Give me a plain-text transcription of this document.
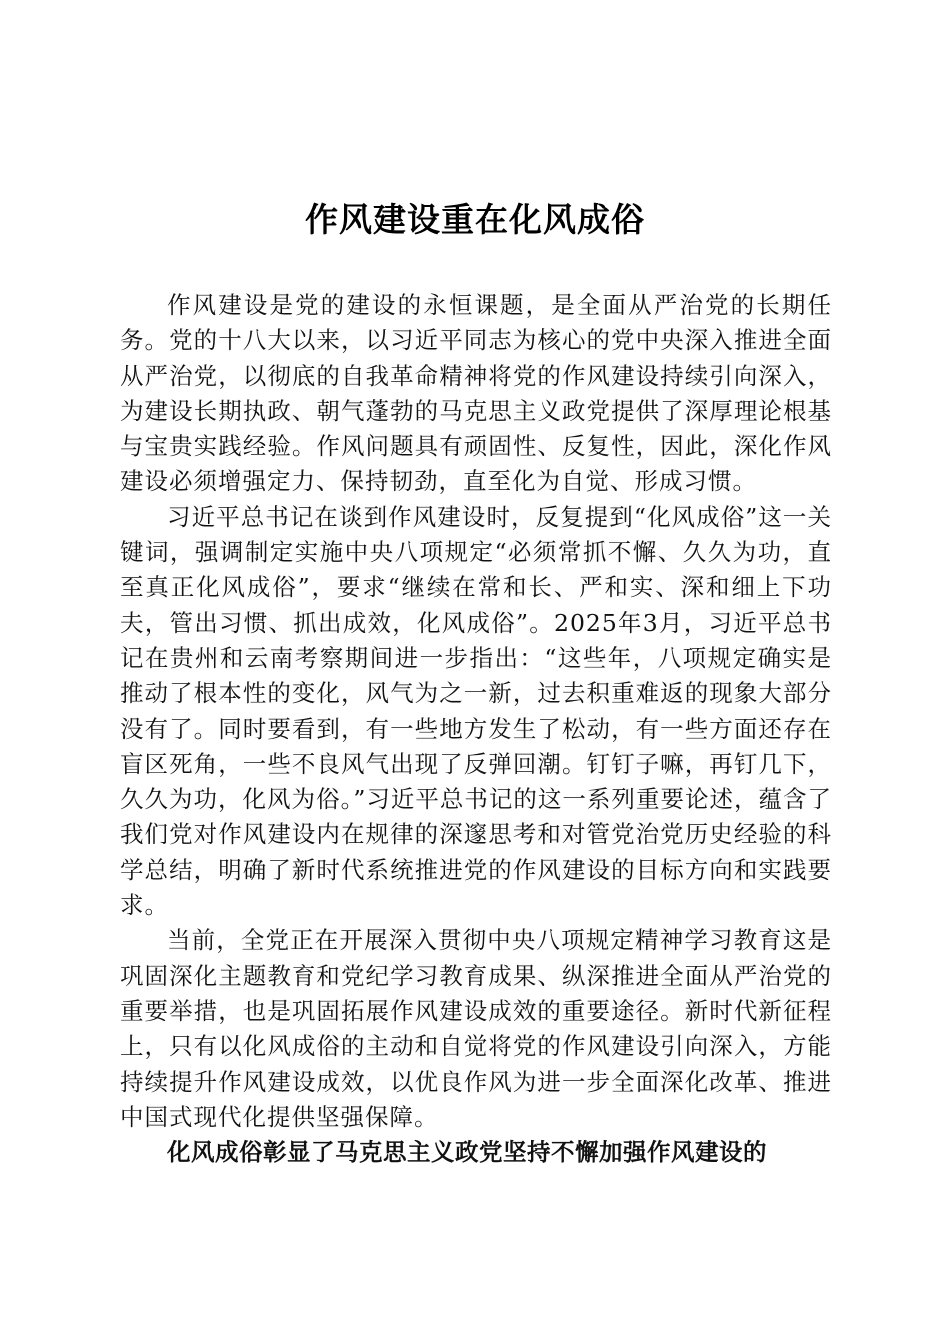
作风建设重在化风成俗

作风建设是党的建设的永恒课题，是全面从严治党的长期任务。党的十八大以来，以习近平同志为核心的党中央深入推进全面从严治党，以彻底的自我革命精神将党的作风建设持续引向深入，为建设长期执政、朝气蓬勃的马克思主义政党提供了深厚理论根基与宝贵实践经验。作风问题具有顽固性、反复性，因此，深化作风建设必须增强定力、保持韧劲，直至化为自觉、形成习惯。

习近平总书记在谈到作风建设时，反复提到“化风成俗”这一关键词，强调制定实施中央八项规定“必须常抓不懈、久久为功，直至真正化风成俗”，要求“继续在常和长、严和实、深和细上下功夫，管出习惯、抓出成效，化风成俗”。2025年3月，习近平总书记在贵州和云南考察期间进一步指出：“这些年，八项规定确实是推动了根本性的变化，风气为之一新，过去积重难返的现象大部分没有了。同时要看到，有一些地方发生了松动，有一些方面还存在盲区死角，一些不良风气出现了反弹回潮。钉钉子嘛，再钉几下，久久为功，化风为俗。”习近平总书记的这一系列重要论述，蕴含了我们党对作风建设内在规律的深邃思考和对管党治党历史经验的科学总结，明确了新时代系统推进党的作风建设的目标方向和实践要求。

当前，全党正在开展深入贯彻中央八项规定精神学习教育这是巩固深化主题教育和党纪学习教育成果、纵深推进全面从严治党的重要举措，也是巩固拓展作风建设成效的重要途径。新时代新征程上，只有以化风成俗的主动和自觉将党的作风建设引向深入，方能持续提升作风建设成效，以优良作风为进一步全面深化改革、推进中国式现代化提供坚强保障。

化风成俗彰显了马克思主义政党坚持不懈加强作风建设的
